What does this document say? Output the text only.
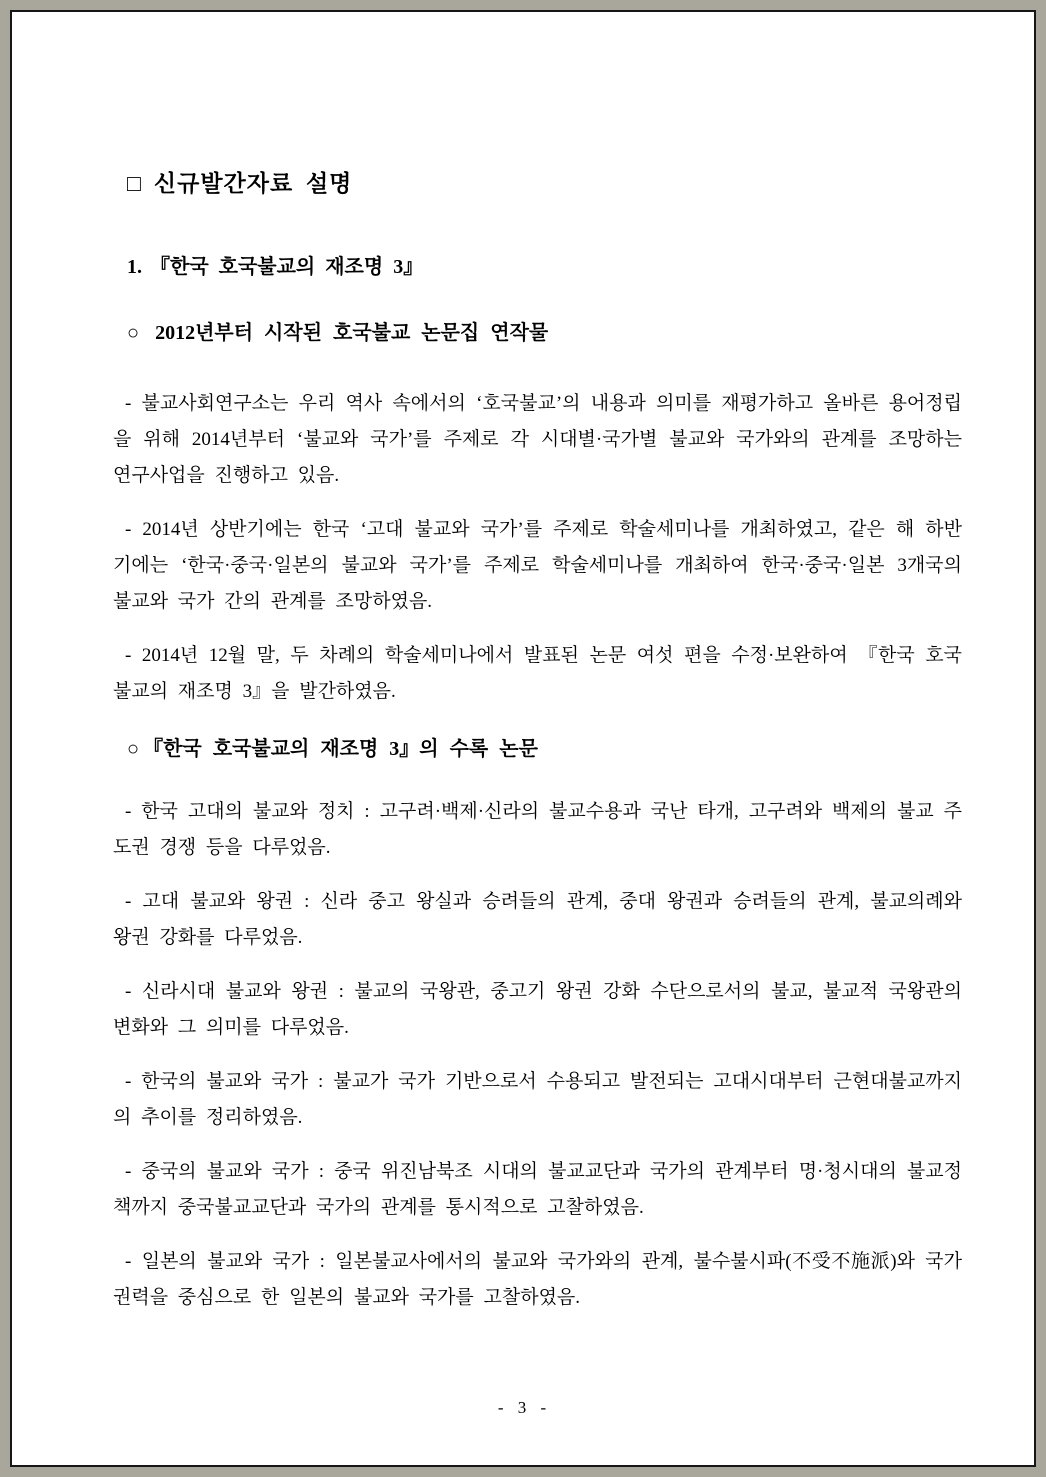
□ 신규발간자료 설명
1. 『한국 호국불교의 재조명 3』
○ 2012년부터 시작된 호국불교 논문집 연작물

- 불교사회연구소는 우리 역사 속에서의 ‘호국불교’의 내용과 의미를 재평가하고 올바른 용어정립을 위해 2014년부터 ‘불교와 국가’를 주제로 각 시대별·국가별 불교와 국가와의 관계를 조망하는 연구사업을 진행하고 있음.

- 2014년 상반기에는 한국 ‘고대 불교와 국가’를 주제로 학술세미나를 개최하였고, 같은 해 하반기에는 ‘한국·중국·일본의 불교와 국가’를 주제로 학술세미나를 개최하여 한국·중국·일본 3개국의 불교와 국가 간의 관계를 조망하였음.

- 2014년 12월 말, 두 차례의 학술세미나에서 발표된 논문 여섯 편을 수정·보완하여 『한국 호국불교의 재조명 3』을 발간하였음.

○ 『한국 호국불교의 재조명 3』의 수록 논문

- 한국 고대의 불교와 정치 : 고구려·백제·신라의 불교수용과 국난 타개, 고구려와 백제의 불교 주도권 경쟁 등을 다루었음.

- 고대 불교와 왕권 : 신라 중고 왕실과 승려들의 관계, 중대 왕권과 승려들의 관계, 불교의례와 왕권 강화를 다루었음.

- 신라시대 불교와 왕권 : 불교의 국왕관, 중고기 왕권 강화 수단으로서의 불교, 불교적 국왕관의 변화와 그 의미를 다루었음.

- 한국의 불교와 국가 : 불교가 국가 기반으로서 수용되고 발전되는 고대시대부터 근현대불교까지의 추이를 정리하였음.

- 중국의 불교와 국가 : 중국 위진남북조 시대의 불교교단과 국가의 관계부터 명·청시대의 불교정책까지 중국불교교단과 국가의 관계를 통시적으로 고찰하였음.

- 일본의 불교와 국가 : 일본불교사에서의 불교와 국가와의 관계, 불수불시파(不受不施派)와 국가권력을 중심으로 한 일본의 불교와 국가를 고찰하였음.

- 3 -
